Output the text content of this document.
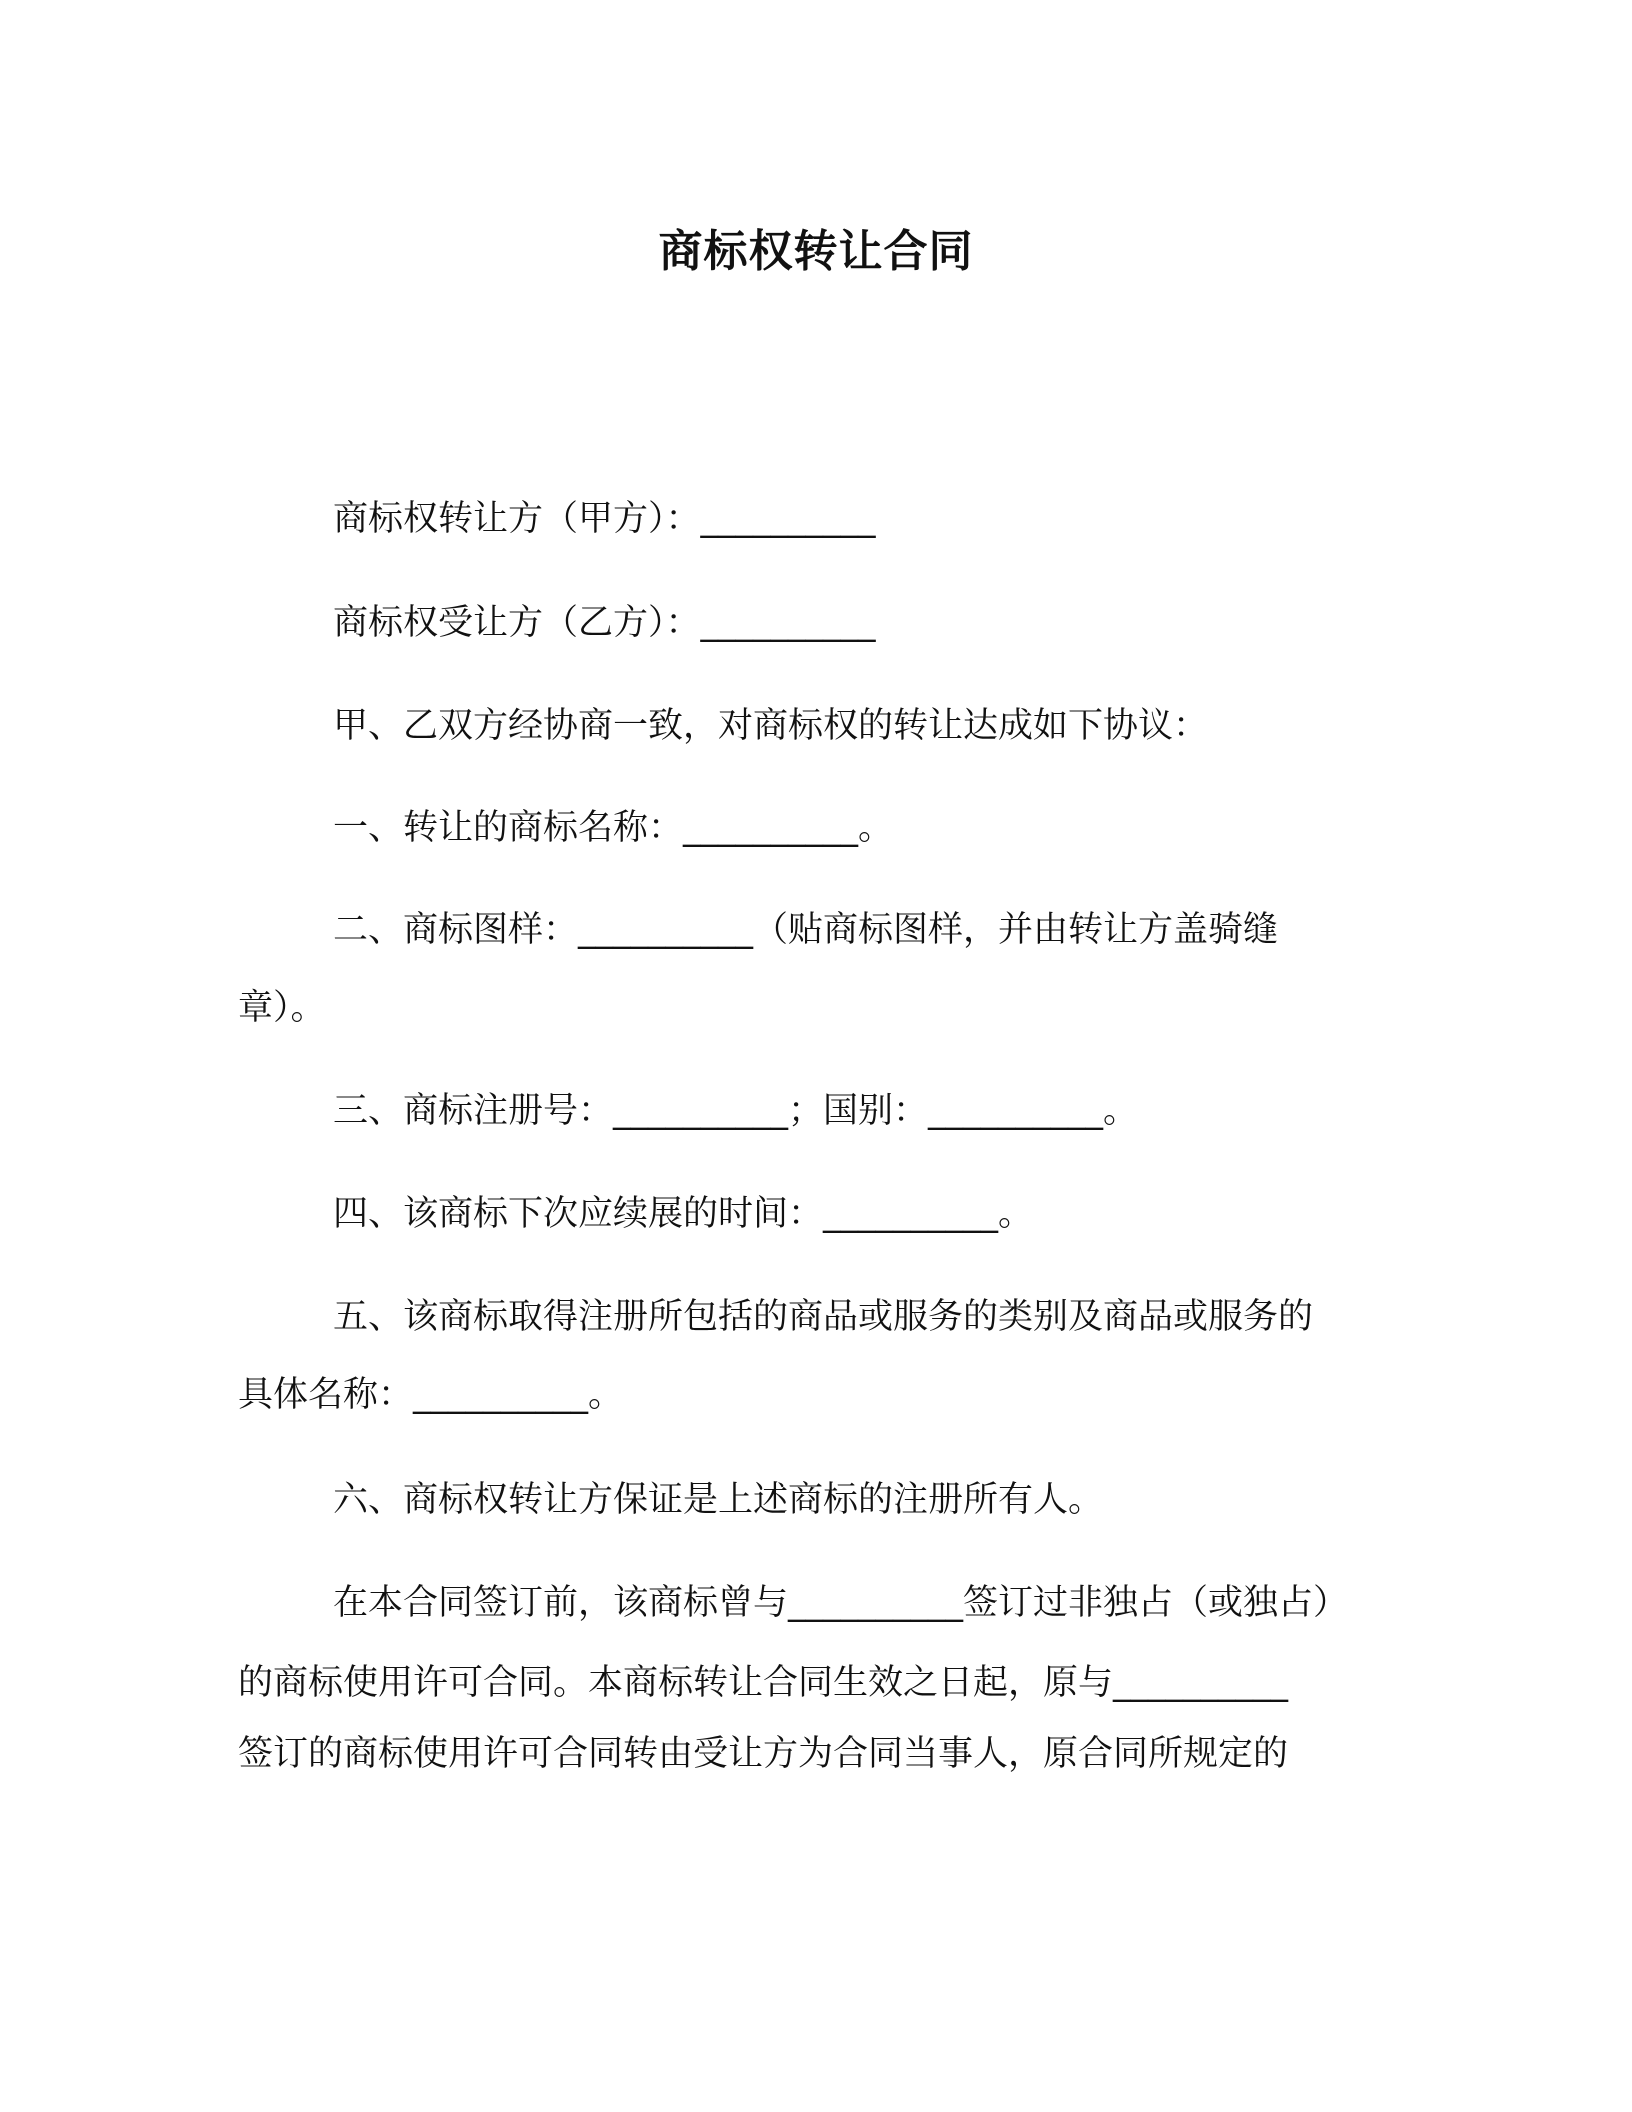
商标权转让合同
商标权转让方（甲方）：__________
商标权受让方（乙方）：__________
甲、乙双方经协商一致，对商标权的转让达成如下协议：
一、转让的商标名称：__________。
二、商标图样：__________（贴商标图样，并由转让方盖骑缝
章）。
三、商标注册号：__________；国别：__________。
四、该商标下次应续展的时间：__________。
五、该商标取得注册所包括的商品或服务的类别及商品或服务的
具体名称：__________。
六、商标权转让方保证是上述商标的注册所有人。
在本合同签订前，该商标曾与__________签订过非独占（或独占）
的商标使用许可合同。本商标转让合同生效之日起，原与__________
签订的商标使用许可合同转由受让方为合同当事人，原合同所规定的
